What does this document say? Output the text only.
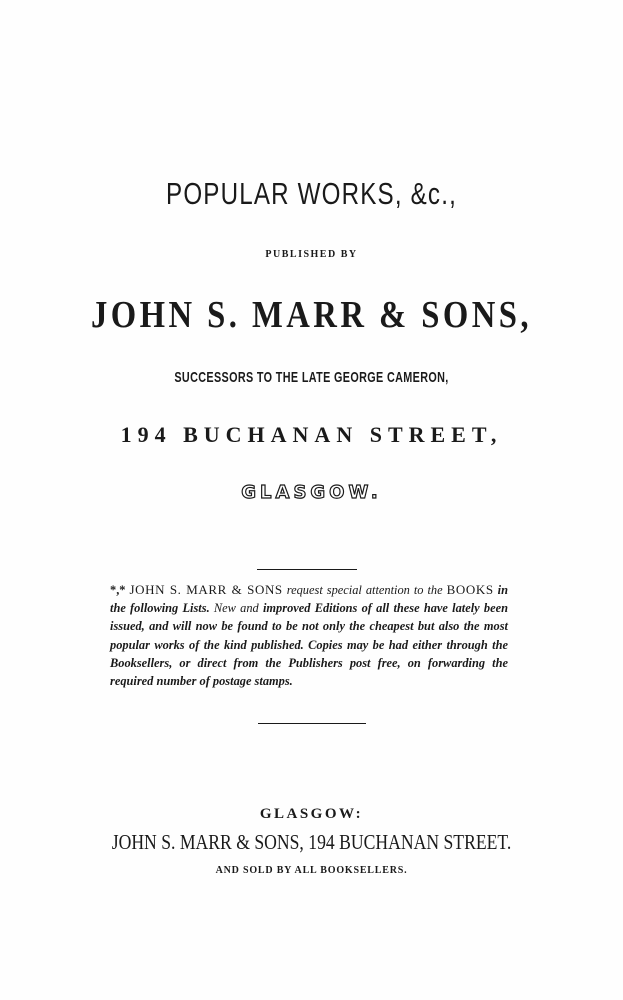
POPULAR WORKS, &c.,
PUBLISHED BY
JOHN S. MARR & SONS,
SUCCESSORS TO THE LATE GEORGE CAMERON,
194 BUCHANAN STREET,
GLASGOW.
*,* JOHN S. MARR & SONS request special attention to the BOOKS in the following Lists. New and improved Editions of all these have lately been issued, and will now be found to be not only the cheapest but also the most popular works of the kind published. Copies may be had either through the Booksellers, or direct from the Publishers post free, on forwarding the required number of postage stamps.
GLASGOW:
JOHN S. MARR & SONS, 194 BUCHANAN STREET.
AND SOLD BY ALL BOOKSELLERS.
